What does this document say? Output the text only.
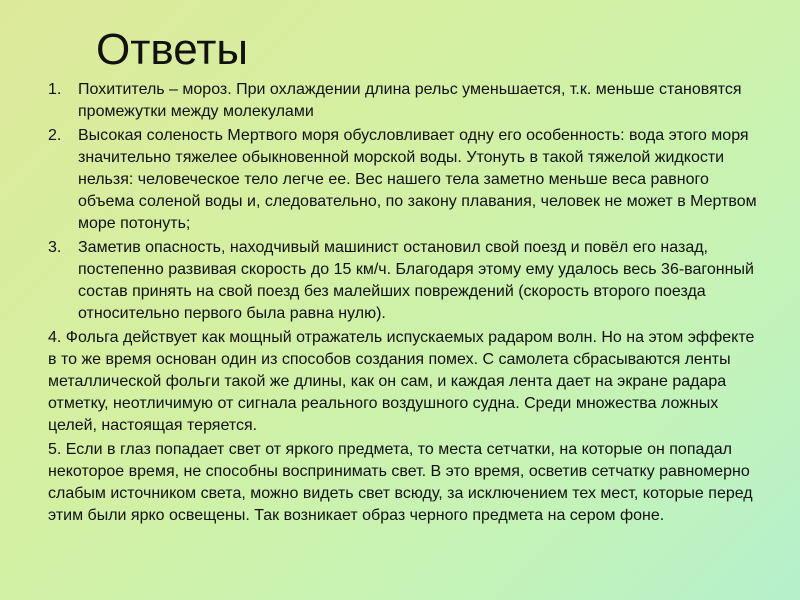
Ответы
1. Похититель – мороз. При охлаждении длина рельс уменьшается, т.к. меньше становятся промежутки между молекулами

2. Высокая соленость Мертвого моря обусловливает одну его особенность: вода этого моря значительно тяжелее обыкновенной морской воды. Утонуть в такой тяжелой жидкости нельзя: человеческое тело легче ее. Вес нашего тела заметно меньше веса равного объема соленой воды и, следовательно, по закону плавания, человек не может в Мертвом море потонуть;

3. Заметив опасность, находчивый машинист остановил свой поезд и повёл его назад, постепенно развивая скорость до 15 км/ч. Благодаря этому ему удалось весь 36-вагонный состав принять на свой поезд без малейших повреждений (скорость второго поезда относительно первого была равна нулю).

4. Фольга действует как мощный отражатель испускаемых радаром волн. Но на этом эффекте в то же время основан один из способов создания помех. С самолета сбрасываются ленты металлической фольги такой же длины, как он сам, и каждая лента дает на экране радара отметку, неотличимую от сигнала реального воздушного судна. Среди множества ложных целей, настоящая теряется.

5. Если в глаз попадает свет от яркого предмета, то места сетчатки, на которые он попадал некоторое время, не способны воспринимать свет. В это время, осветив сетчатку равномерно слабым источником света, можно видеть свет всюду, за исключением тех мест, которые перед этим были ярко освещены. Так возникает образ черного предмета на сером фоне.
